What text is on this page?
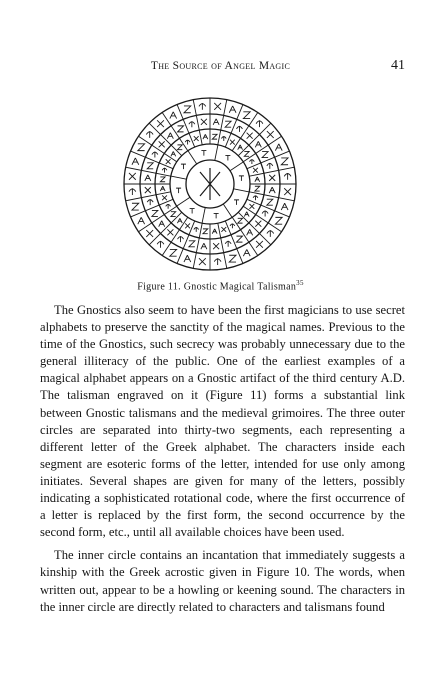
The Source of Angel Magic	41
Figure 11. Gnostic Magical Talisman$^{35}$

The Gnostics also seem to have been the first magicians to use secret alphabets to preserve the sanctity of the magical names. Previous to the time of the Gnostics, such secrecy was probably unnecessary due to the general illiteracy of the public. One of the earliest examples of a magical alphabet appears on a Gnostic artifact of the third century A.D. The talisman engraved on it (Figure 11) forms a substantial link between Gnostic talismans and the medieval grimoires. The three outer circles are separated into thirty-two segments, each representing a different letter of the Greek alphabet. The characters inside each segment are esoteric forms of the letter, intended for use only among initiates. Several shapes are given for many of the letters, possibly indicating a sophisticated rotational code, where the first occurrence of a letter is replaced by the first form, the second occurrence by the second form, etc., until all available choices have been used.

The inner circle contains an incantation that immediately suggests a kinship with the Greek acrostic given in Figure 10. The words, when written out, appear to be a howling or keening sound. The characters in the inner circle are directly related to characters and talismans found
